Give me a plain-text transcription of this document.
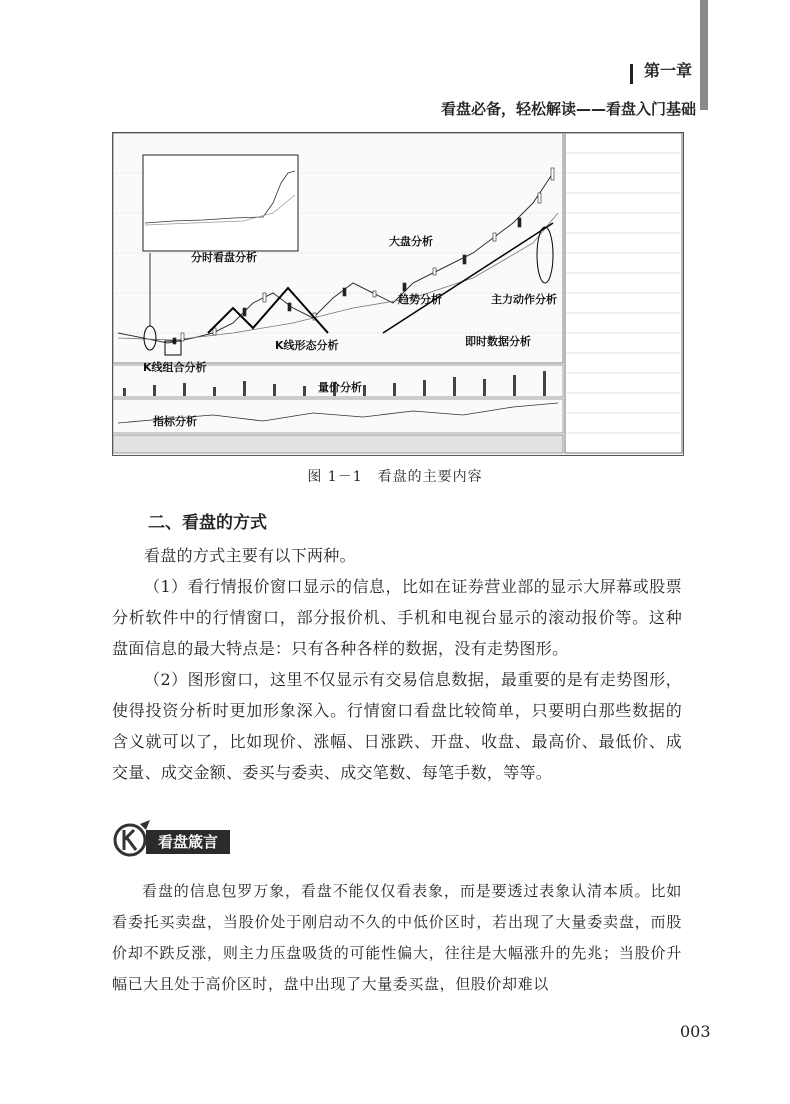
第一章
看盘必备，轻松解读——看盘入门基础
分时看盘分析
大盘分析
趋势分析	主力动作分析
K线形态分析	即时数据分析
K线组合分析
量价分析
指标分析
图 1－1　看盘的主要内容
二、看盘的方式

看盘的方式主要有以下两种。

（1）看行情报价窗口显示的信息，比如在证券营业部的显示大屏幕或股票分析软件中的行情窗口，部分报价机、手机和电视台显示的滚动报价等。这种盘面信息的最大特点是：只有各种各样的数据，没有走势图形。

（2）图形窗口，这里不仅显示有交易信息数据，最重要的是有走势图形，使得投资分析时更加形象深入。行情窗口看盘比较简单，只要明白那些数据的含义就可以了，比如现价、涨幅、日涨跌、开盘、收盘、最高价、最低价、成交量、成交金额、委买与委卖、成交笔数、每笔手数，等等。

看盘箴言

看盘的信息包罗万象，看盘不能仅仅看表象，而是要透过表象认清本质。比如看委托买卖盘，当股价处于刚启动不久的中低价区时，若出现了大量委卖盘，而股价却不跌反涨，则主力压盘吸货的可能性偏大，往往是大幅涨升的先兆；当股价升幅已大且处于高价区时，盘中出现了大量委买盘，但股价却难以

003
